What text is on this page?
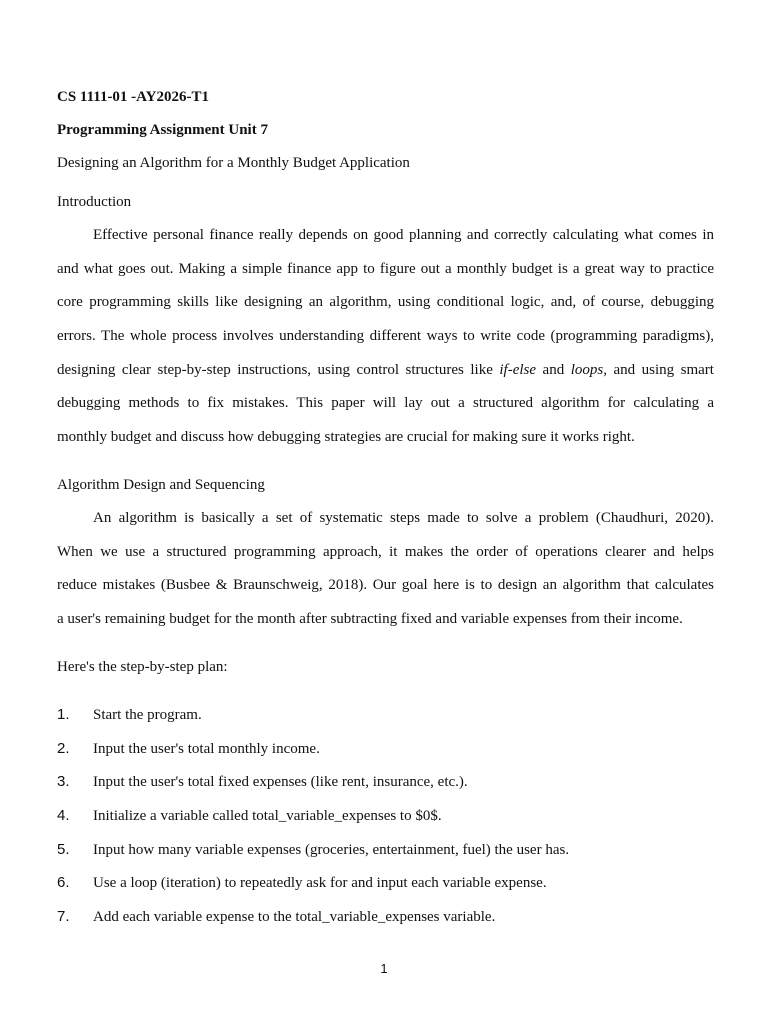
CS 1111-01 -AY2026-T1
Programming Assignment Unit 7
Designing an Algorithm for a Monthly Budget Application
Introduction
Effective personal finance really depends on good planning and correctly calculating what comes in
and what goes out. Making a simple finance app to figure out a monthly budget is a great way to practice
core programming skills like designing an algorithm, using conditional logic, and, of course, debugging
errors. The whole process involves understanding different ways to write code (programming paradigms),
designing clear step-by-step instructions, using control structures like if-else and loops, and using smart
debugging methods to fix mistakes. This paper will lay out a structured algorithm for calculating a
monthly budget and discuss how debugging strategies are crucial for making sure it works right.
Algorithm Design and Sequencing
An algorithm is basically a set of systematic steps made to solve a problem (Chaudhuri, 2020).
When we use a structured programming approach, it makes the order of operations clearer and helps
reduce mistakes (Busbee & Braunschweig, 2018). Our goal here is to design an algorithm that calculates
a user's remaining budget for the month after subtracting fixed and variable expenses from their income.
Here's the step-by-step plan:
1. Start the program.
2. Input the user's total monthly income.
3. Input the user's total fixed expenses (like rent, insurance, etc.).
4. Initialize a variable called total_variable_expenses to $0$.
5. Input how many variable expenses (groceries, entertainment, fuel) the user has.
6. Use a loop (iteration) to repeatedly ask for and input each variable expense.
7. Add each variable expense to the total_variable_expenses variable.
1
